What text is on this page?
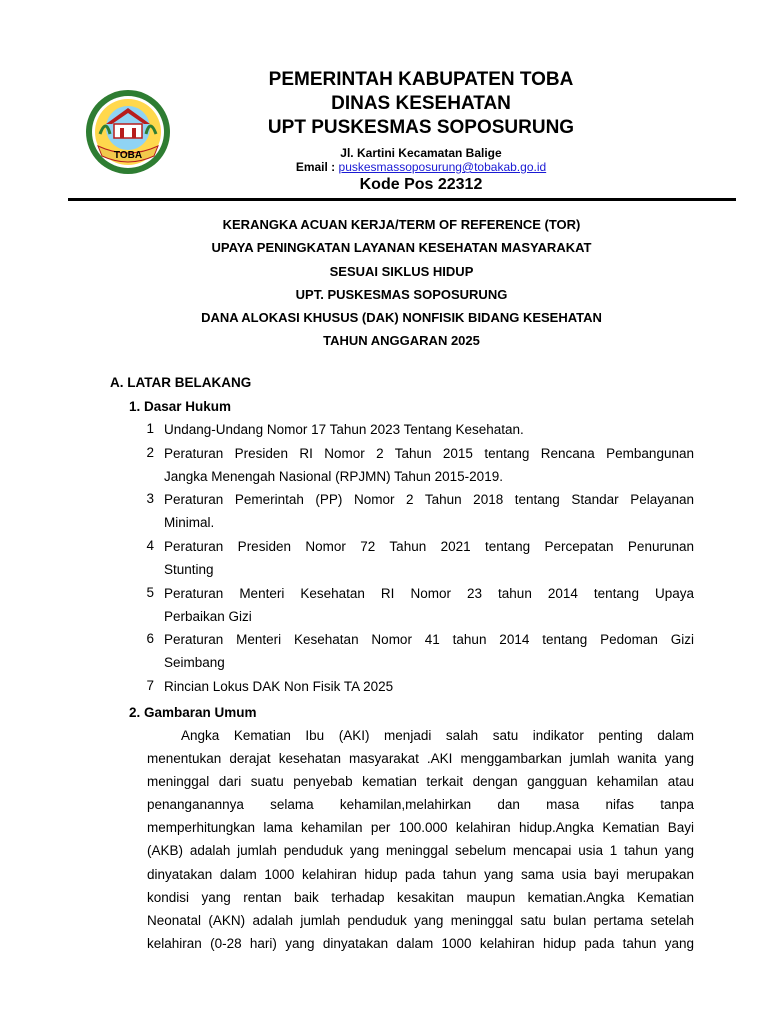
TOBA
PEMERINTAH KABUPATEN TOBA
DINAS KESEHATAN
UPT PUSKESMAS SOPOSURUNG
Jl. Kartini Kecamatan Balige
Email : puskesmassoposurung@tobakab.go.id
Kode Pos 22312
KERANGKA ACUAN KERJA/TERM OF REFERENCE (TOR)
UPAYA PENINGKATAN LAYANAN KESEHATAN MASYARAKAT
SESUAI SIKLUS HIDUP
UPT. PUSKESMAS SOPOSURUNG
DANA ALOKASI KHUSUS (DAK) NONFISIK BIDANG KESEHATAN
TAHUN ANGGARAN 2025
A. LATAR BELAKANG
1. Dasar Hukum
1 Undang-Undang Nomor 17 Tahun 2023 Tentang Kesehatan.
2 Peraturan Presiden RI Nomor 2 Tahun 2015 tentang Rencana Pembangunan
Jangka Menengah Nasional (RPJMN) Tahun 2015-2019.
3 Peraturan Pemerintah (PP) Nomor 2 Tahun 2018 tentang Standar Pelayanan
Minimal.
4 Peraturan Presiden Nomor 72 Tahun 2021 tentang Percepatan Penurunan
Stunting
5 Peraturan Menteri Kesehatan RI Nomor 23 tahun 2014 tentang Upaya
Perbaikan Gizi
6 Peraturan Menteri Kesehatan Nomor 41 tahun 2014 tentang Pedoman Gizi
Seimbang
7 Rincian Lokus DAK Non Fisik TA 2025
2. Gambaran Umum
Angka Kematian Ibu (AKI) menjadi salah satu indikator penting dalam
menentukan derajat kesehatan masyarakat .AKI menggambarkan jumlah wanita yang
meninggal dari suatu penyebab kematian terkait dengan gangguan kehamilan atau
penanganannya selama kehamilan,melahirkan dan masa nifas tanpa
memperhitungkan lama kehamilan per 100.000 kelahiran hidup.Angka Kematian Bayi
(AKB) adalah jumlah penduduk yang meninggal sebelum mencapai usia 1 tahun yang
dinyatakan dalam 1000 kelahiran hidup pada tahun yang sama usia bayi merupakan
kondisi yang rentan baik terhadap kesakitan maupun kematian.Angka Kematian
Neonatal (AKN) adalah jumlah penduduk yang meninggal satu bulan pertama setelah
kelahiran (0-28 hari) yang dinyatakan dalam 1000 kelahiran hidup pada tahun yang
